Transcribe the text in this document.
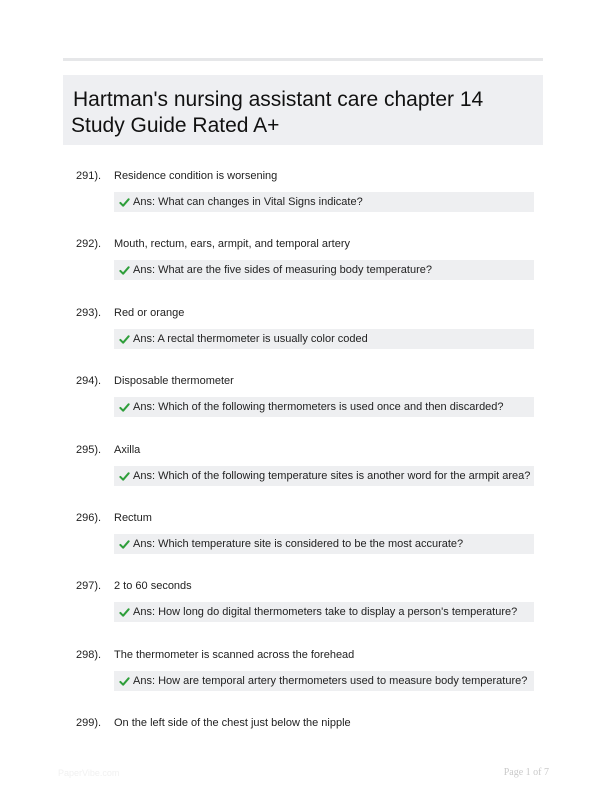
Hartman's nursing assistant care chapter 14
Study Guide Rated A+
291). Residence condition is worsening
Ans: What can changes in Vital Signs indicate?
292). Mouth, rectum, ears, armpit, and temporal artery
Ans: What are the five sides of measuring body temperature?
293). Red or orange
Ans: A rectal thermometer is usually color coded
294). Disposable thermometer
Ans: Which of the following thermometers is used once and then discarded?
295). Axilla
Ans: Which of the following temperature sites is another word for the armpit area?
296). Rectum
Ans: Which temperature site is considered to be the most accurate?
297). 2 to 60 seconds
Ans: How long do digital thermometers take to display a person's temperature?
298). The thermometer is scanned across the forehead
Ans: How are temporal artery thermometers used to measure body temperature?
299). On the left side of the chest just below the nipple
PaperVibe.com	Page 1 of 7
